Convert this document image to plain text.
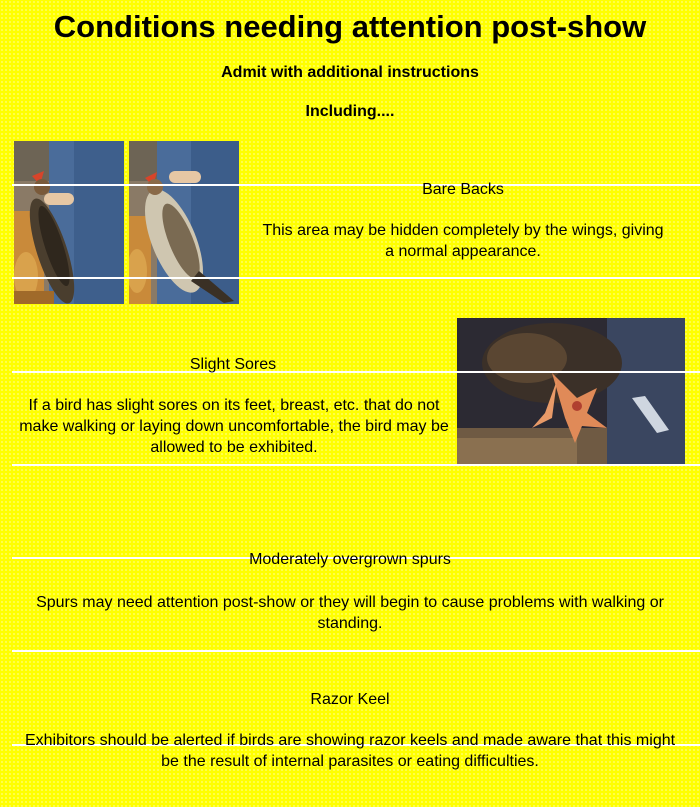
Conditions needing attention post-show
Admit with additional instructions
Including....
Bare Backs
This area may be hidden completely by the wings, giving a normal appearance.
Slight Sores
If a bird has slight sores on its feet, breast, etc. that do not make walking or laying down uncomfortable, the bird may be allowed to be exhibited.
Moderately overgrown spurs
Spurs may need attention post-show or they will begin to cause problems with walking or standing.
Razor Keel
Exhibitors should be alerted if birds are showing razor keels and made aware that this might be the result of internal parasites or eating difficulties.
